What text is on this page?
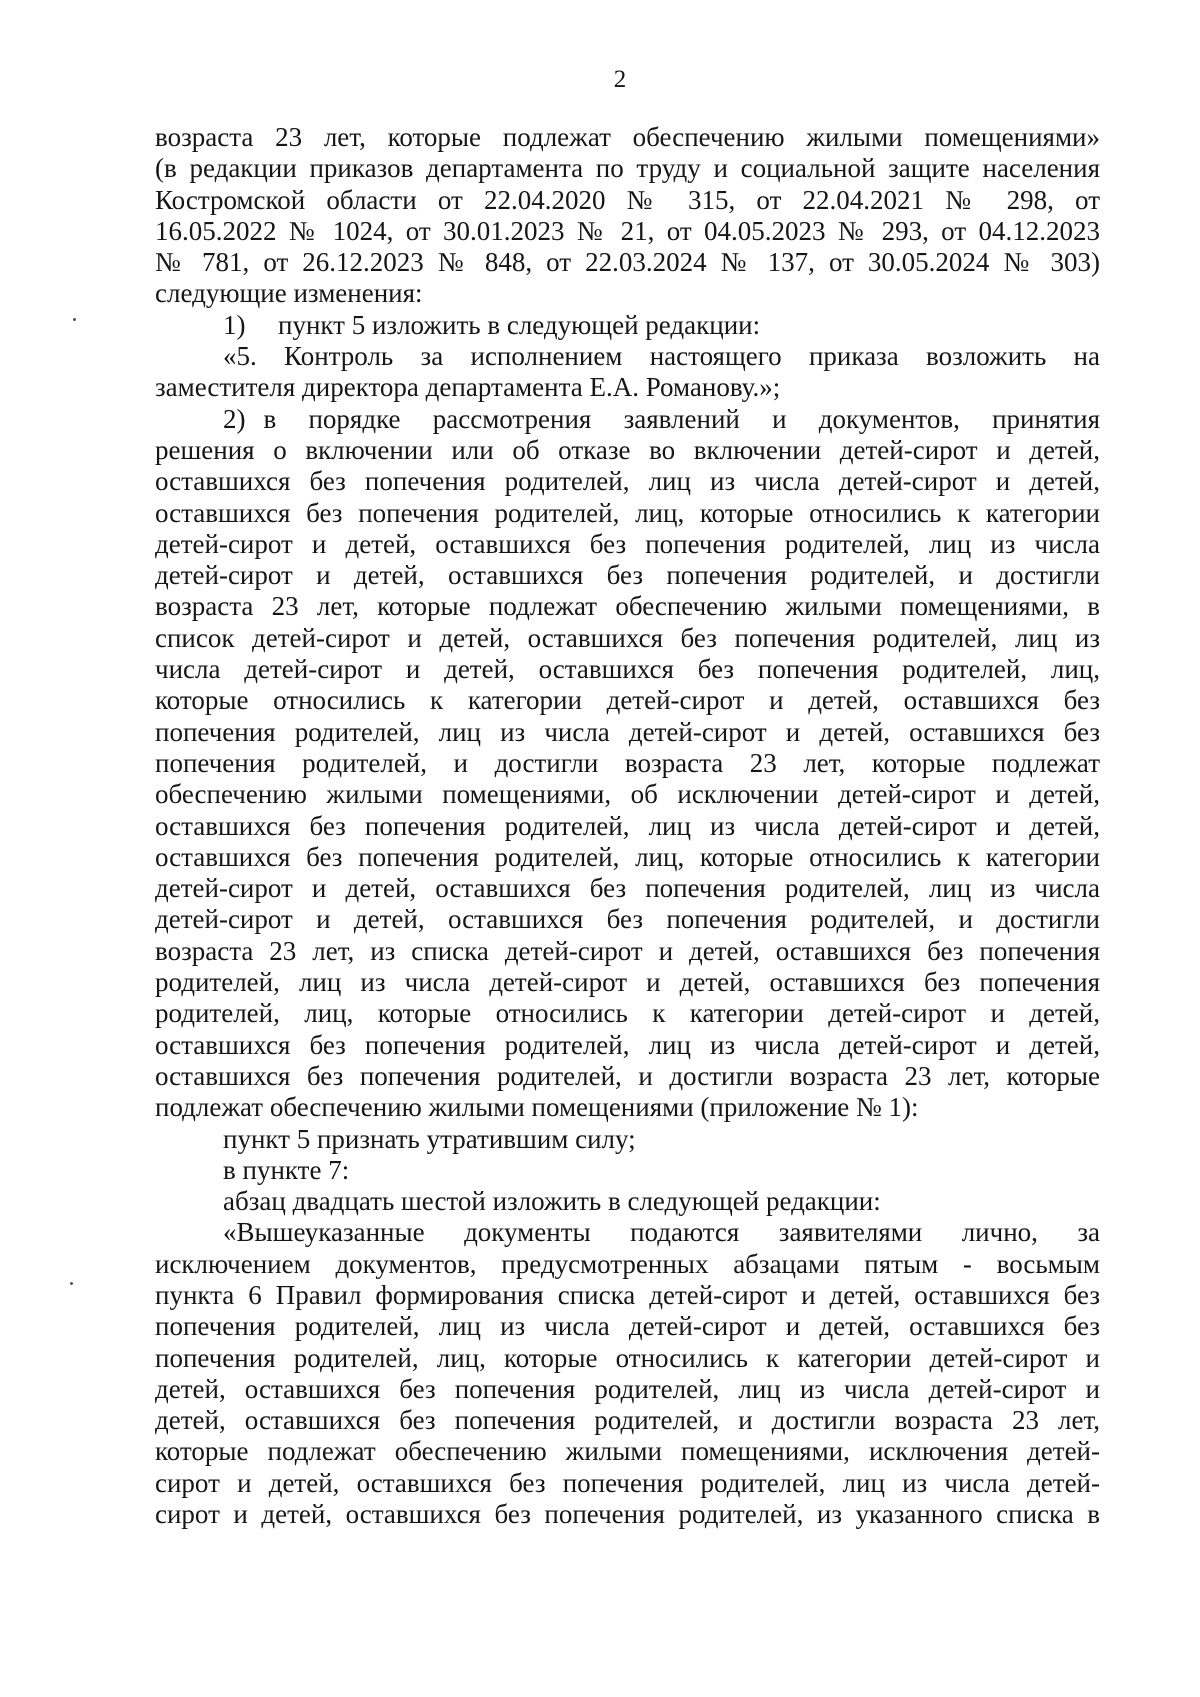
2
возраста 23 лет, которые подлежат обеспечению жилыми помещениями»
(в редакции приказов департамента по труду и социальной защите населения
Костромской области от 22.04.2020 № 315, от 22.04.2021 № 298, от
16.05.2022 № 1024, от 30.01.2023 № 21, от 04.05.2023 № 293, от 04.12.2023
№ 781, от 26.12.2023 № 848, от 22.03.2024 № 137, от 30.05.2024 № 303)
следующие изменения:
1) пункт 5 изложить в следующей редакции:
«5. Контроль за исполнением настоящего приказа возложить на
заместителя директора департамента Е.А. Романову.»;
2) в порядке рассмотрения заявлений и документов, принятия
решения о включении или об отказе во включении детей-сирот и детей,
оставшихся без попечения родителей, лиц из числа детей-сирот и детей,
оставшихся без попечения родителей, лиц, которые относились к категории
детей-сирот и детей, оставшихся без попечения родителей, лиц из числа
детей-сирот и детей, оставшихся без попечения родителей, и достигли
возраста 23 лет, которые подлежат обеспечению жилыми помещениями, в
список детей-сирот и детей, оставшихся без попечения родителей, лиц из
числа детей-сирот и детей, оставшихся без попечения родителей, лиц,
которые относились к категории детей-сирот и детей, оставшихся без
попечения родителей, лиц из числа детей-сирот и детей, оставшихся без
попечения родителей, и достигли возраста 23 лет, которые подлежат
обеспечению жилыми помещениями, об исключении детей-сирот и детей,
оставшихся без попечения родителей, лиц из числа детей-сирот и детей,
оставшихся без попечения родителей, лиц, которые относились к категории
детей-сирот и детей, оставшихся без попечения родителей, лиц из числа
детей-сирот и детей, оставшихся без попечения родителей, и достигли
возраста 23 лет, из списка детей-сирот и детей, оставшихся без попечения
родителей, лиц из числа детей-сирот и детей, оставшихся без попечения
родителей, лиц, которые относились к категории детей-сирот и детей,
оставшихся без попечения родителей, лиц из числа детей-сирот и детей,
оставшихся без попечения родителей, и достигли возраста 23 лет, которые
подлежат обеспечению жилыми помещениями (приложение № 1):
пункт 5 признать утратившим силу;
в пункте 7:
абзац двадцать шестой изложить в следующей редакции:
«Вышеуказанные документы подаются заявителями лично, за
исключением документов, предусмотренных абзацами пятым - восьмым
пункта 6 Правил формирования списка детей-сирот и детей, оставшихся без
попечения родителей, лиц из числа детей-сирот и детей, оставшихся без
попечения родителей, лиц, которые относились к категории детей-сирот и
детей, оставшихся без попечения родителей, лиц из числа детей-сирот и
детей, оставшихся без попечения родителей, и достигли возраста 23 лет,
которые подлежат обеспечению жилыми помещениями, исключения детей-
сирот и детей, оставшихся без попечения родителей, лиц из числа детей-
сирот и детей, оставшихся без попечения родителей, из указанного списка в
